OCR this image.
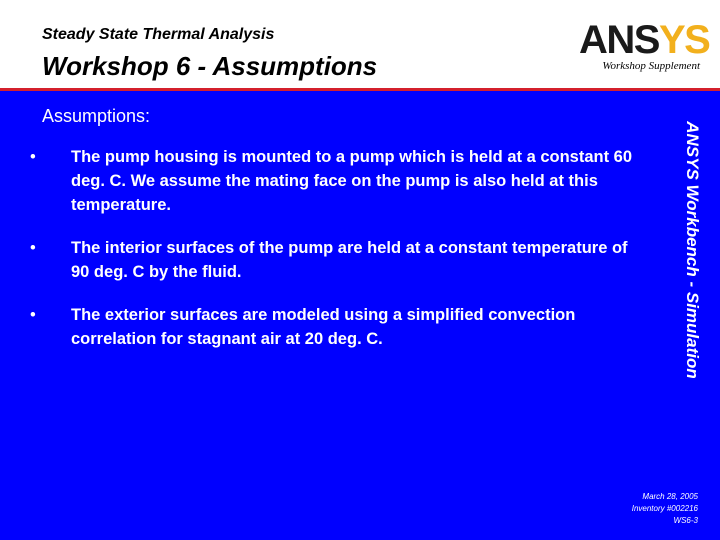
Steady State Thermal Analysis
Workshop 6 - Assumptions
ANSYS
Workshop Supplement
Assumptions:
• The pump housing is mounted to a pump which is held at a constant 60 deg. C. We assume the mating face on the pump is also held at this temperature.
• The interior surfaces of the pump are held at a constant temperature of 90 deg. C by the fluid.
• The exterior surfaces are modeled using a simplified convection correlation for stagnant air at 20 deg. C.	ANSYS Workbench - Simulation
March 28, 2005
Inventory #002216
WS6-3
